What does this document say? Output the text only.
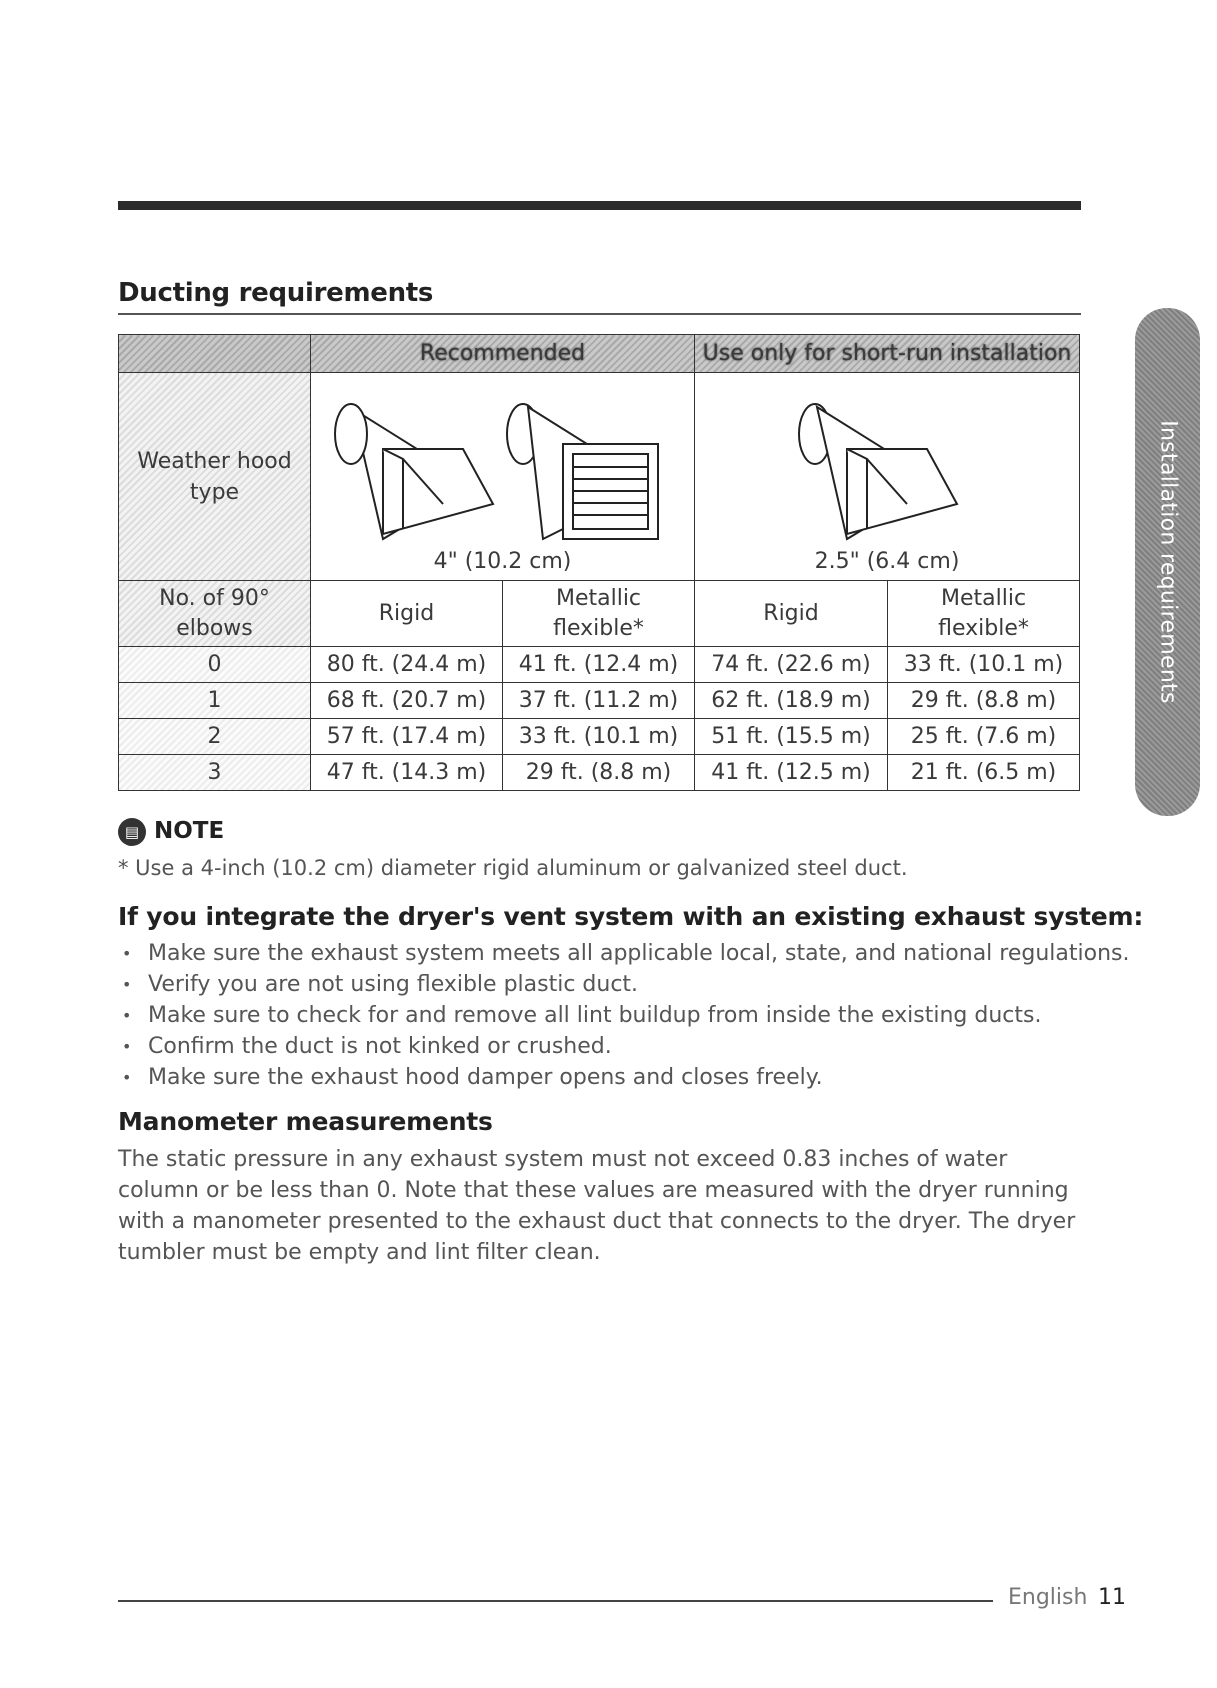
Ducting requirements
Installation requirements
	Recommended		Use only for short-run installation	
Weather hood type	4" (10.2 cm)		2.5" (6.4 cm)	

No. of 90° elbows	Rigid	Metallic flexible*	Rigid	Metallic flexible*
0	80 ft. (24.4 m)	41 ft. (12.4 m)	74 ft. (22.6 m)	33 ft. (10.1 m)
1	68 ft. (20.7 m)	37 ft. (11.2 m)	62 ft. (18.9 m)	29 ft. (8.8 m)
2	57 ft. (17.4 m)	33 ft. (10.1 m)	51 ft. (15.5 m)	25 ft. (7.6 m)
3	47 ft. (14.3 m)	29 ft. (8.8 m)	41 ft. (12.5 m)	21 ft. (6.5 m)
▤ NOTE
* Use a 4-inch (10.2 cm) diameter rigid aluminum or galvanized steel duct.
If you integrate the dryer's vent system with an existing exhaust system:
• Make sure the exhaust system meets all applicable local, state, and national regulations.
• Verify you are not using flexible plastic duct.
• Make sure to check for and remove all lint buildup from inside the existing ducts.
• Confirm the duct is not kinked or crushed.
• Make sure the exhaust hood damper opens and closes freely.
Manometer measurements

The static pressure in any exhaust system must not exceed 0.83 inches of water column or be less than 0. Note that these values are measured with the dryer running with a manometer presented to the exhaust duct that connects to the dryer. The dryer tumbler must be empty and lint filter clean.

English 11
